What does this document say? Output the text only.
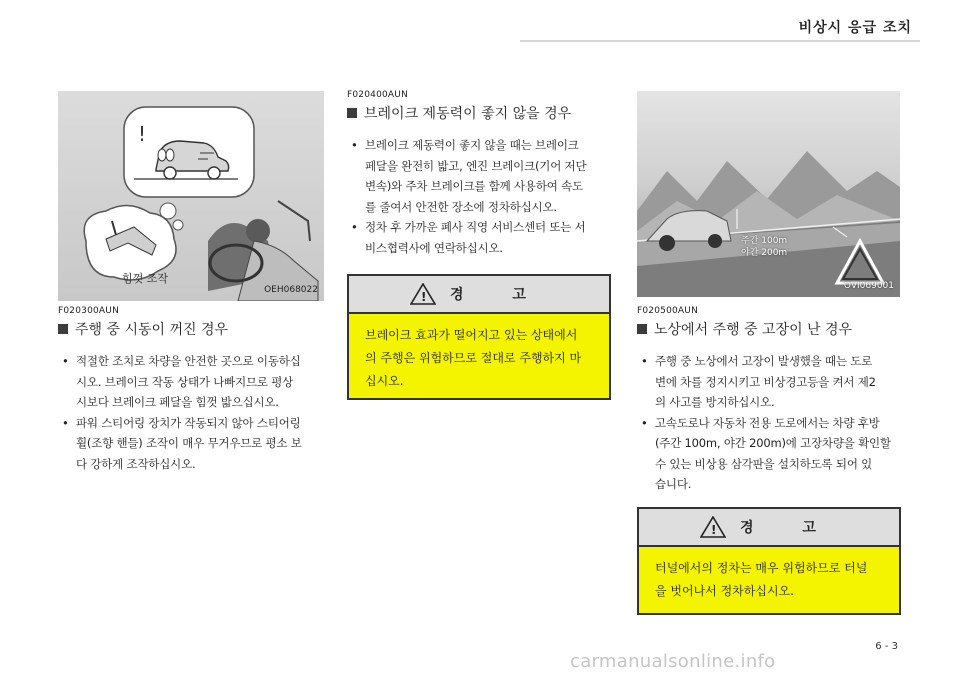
비상시 응급 조치
!
힘껏 조작
OEH068022
F020300AUN
주행 중 시동이 꺼진 경우
• 적절한 조치로 차량을 안전한 곳으로 이동하십
시오. 브레이크 작동 상태가 나빠지므로 평상
시보다 브레이크 페달을 힘껏 밟으십시오.
• 파워 스티어링 장치가 작동되지 않아 스티어링
휠(조향 핸들) 조작이 매우 무거우므로 평소 보
다 강하게 조작하십시오.
F020400AUN
브레이크 제동력이 좋지 않을 경우
• 브레이크 제동력이 좋지 않을 때는 브레이크
페달을 완전히 밟고, 엔진 브레이크(기어 저단
변속)와 주차 브레이크를 함께 사용하여 속도
를 줄여서 안전한 장소에 정차하십시오.
• 정차 후 가까운 폐사 직영 서비스센터 또는 서
비스협력사에 연락하십시오.
! 경 고
브레이크 효과가 떨어지고 있는 상태에서
의 주행은 위험하므로 절대로 주행하지 마
십시오.
주간 100m
야간 200m
OVI069001
F020500AUN
노상에서 주행 중 고장이 난 경우
• 주행 중 노상에서 고장이 발생했을 때는 도로
변에 차를 정지시키고 비상경고등을 켜서 제2
의 사고를 방지하십시오.
• 고속도로나 자동차 전용 도로에서는 차량 후방
(주간 100m, 야간 200m)에 고장차량을 확인할
수 있는 비상용 삼각판을 설치하도록 되어 있
습니다.
! 경 고
터널에서의 정차는 매우 위험하므로 터널
을 벗어나서 정차하십시오.
6 - 3
carmanualsonline.info
